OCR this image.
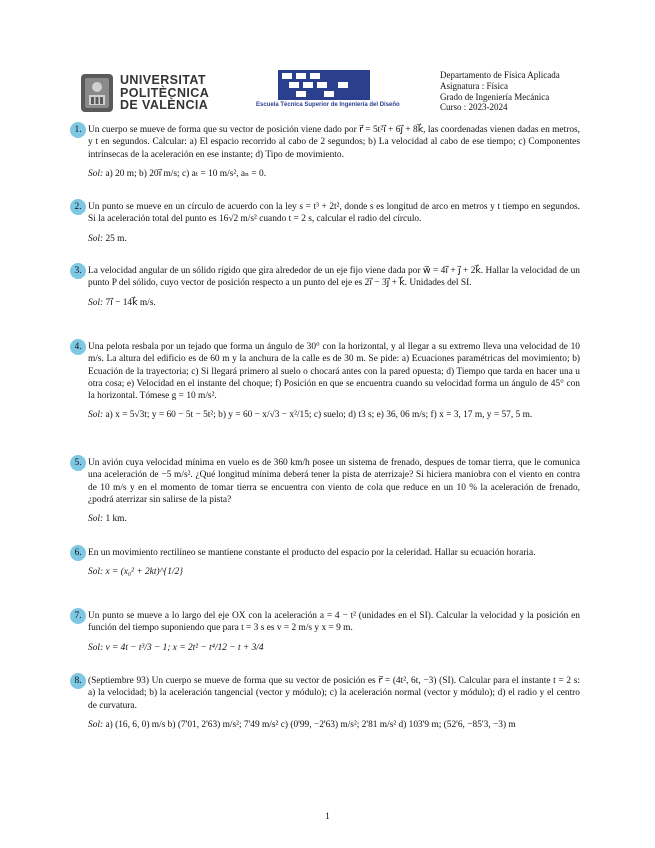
UNIVERSITAT
POLITÈCNICA
DE VALÈNCIA	Escuela Técnica Superior de Ingeniería del Diseño
Departamento de Física Aplicada
Asignatura : Física
Grado de Ingeniería Mecánica
Curso : 2023-2024
1. Un cuerpo se mueve de forma que su vector de posición viene dado por r⃗ = 5t²i⃗ + 6j⃗ + 8k⃗, las coordenadas vienen dadas en metros, y t en segundos. Calcular: a) El espacio recorrido al cabo de 2 segundos; b) La velocidad al cabo de ese tiempo; c) Componentes intrínsecas de la aceleración en ese instante; d) Tipo de movimiento.

Sol: a) 20 m; b) 20i⃗ m/s; c) aₜ = 10 m/s², aₙ = 0.

2. Un punto se mueve en un círculo de acuerdo con la ley s = t³ + 2t², donde s es longitud de arco en metros y t tiempo en segundos. Si la aceleración total del punto es 16√2 m/s² cuando t = 2 s, calcular el radio del círculo.

Sol: 25 m.

3. La velocidad angular de un sólido rígido que gira alrededor de un eje fijo viene dada por w⃗ = 4i⃗ + j⃗ + 2k⃗. Hallar la velocidad de un punto P del sólido, cuyo vector de posición respecto a un punto del eje es 2i⃗ − 3j⃗ + k⃗. Unidades del SI.

Sol: 7i⃗ − 14k⃗ m/s.

4. Una pelota resbala por un tejado que forma un ángulo de 30° con la horizontal, y al llegar a su extremo lleva una velocidad de 10 m/s. La altura del edificio es de 60 m y la anchura de la calle es de 30 m. Se pide: a) Ecuaciones paramétricas del movimiento; b) Ecuación de la trayectoria; c) Si llegará primero al suelo o chocará antes con la pared opuesta; d) Tiempo que tarda en hacer una u otra cosa; e) Velocidad en el instante del choque; f) Posición en que se encuentra cuando su velocidad forma un ángulo de 45° con la horizontal. Tómese g = 10 m/s².

Sol: a) x = 5√3t; y = 60 − 5t − 5t²; b) y = 60 − x/√3 − x²/15; c) suelo; d) t3 s; e) 36, 06 m/s; f) x = 3, 17 m, y = 57, 5 m.

5. Un avión cuya velocidad mínima en vuelo es de 360 km/h posee un sistema de frenado, despues de tomar tierra, que le comunica una aceleración de −5 m/s². ¿Qué longitud mínima deberá tener la pista de aterrizaje? Si hiciera maniobra con el viento en contra de 10 m/s y en el momento de tomar tierra se encuentra con viento de cola que reduce en un 10 % la aceleración de frenado, ¿podrá aterrizar sin salirse de la pista?

Sol: 1 km.

6. En un movimiento rectilíneo se mantiene constante el producto del espacio por la celeridad. Hallar su ecuación horaria.

Sol: x = (x₀² + 2kt)^{1/2}

7. Un punto se mueve a lo largo del eje OX con la aceleración a = 4 − t² (unidades en el SI). Calcular la velocidad y la posición en función del tiempo suponiendo que para t = 3 s es v = 2 m/s y x = 9 m.

Sol: v = 4t − t³/3 − 1; x = 2t² − t⁴/12 − t + 3/4

8. (Septiembre 93) Un cuerpo se mueve de forma que su vector de posición es r⃗ = (4t², 6t, −3) (SI). Calcular para el instante t = 2 s: a) la velocidad; b) la aceleración tangencial (vector y módulo); c) la aceleración normal (vector y módulo); d) el radio y el centro de curvatura.

Sol: a) (16, 6, 0) m/s b) (7'01, 2'63) m/s²; 7'49 m/s² c) (0'99, −2'63) m/s²; 2'81 m/s² d) 103'9 m; (52'6, −85'3, −3) m

1
